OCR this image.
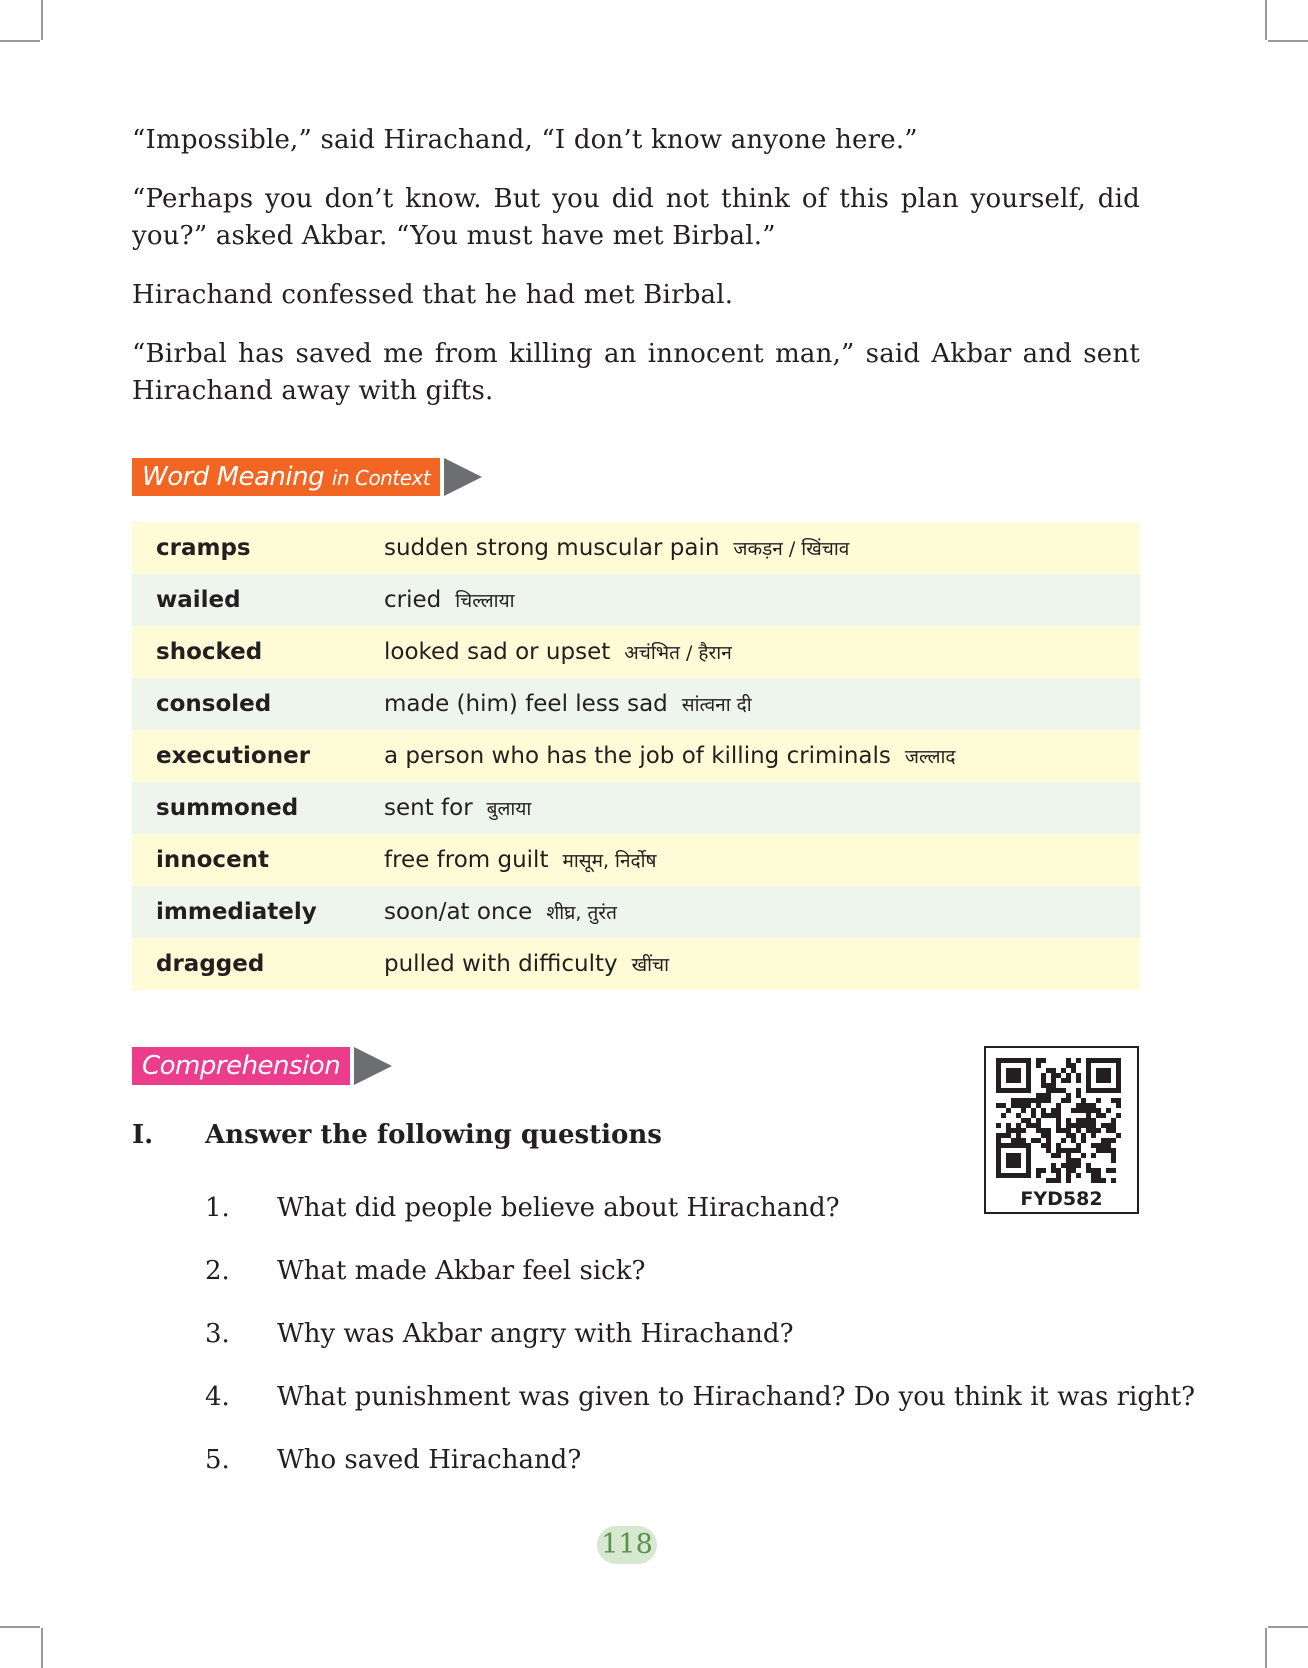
“Impossible,” said Hirachand, “I don’t know anyone here.”

“Perhaps you don’t know. But you did not think of this plan yourself, did you?” asked Akbar. “You must have met Birbal.”

Hirachand confessed that he had met Birbal.

“Birbal has saved me from killing an innocent man,” said Akbar and sent Hirachand away with gifts.

Word Meaning in Context
cramps	sudden strong muscular pain जकड़न / खिंचाव
wailed	cried चिल्लाया
shocked	looked sad or upset अचंभित / हैरान
consoled	made (him) feel less sad सांत्वना दी
executioner	a person who has the job of killing criminals जल्लाद
summoned	sent for बुलाया
innocent	free from guilt मासूम, निर्दोष
immediately	soon/at once शीघ्र, तुरंत
dragged	pulled with difficulty खींचा
Comprehension
FYD582
I.	Answer the following questions
1.	What did people believe about Hirachand?
2.	What made Akbar feel sick?
3.	Why was Akbar angry with Hirachand?
4.	What punishment was given to Hirachand? Do you think it was right?
5.	Who saved Hirachand?
118
